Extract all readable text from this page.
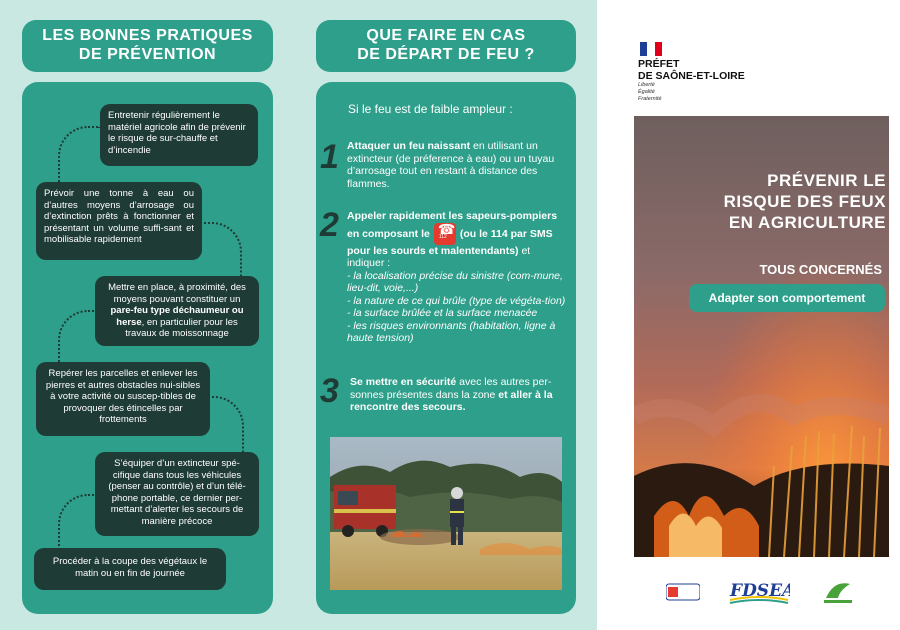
LES BONNES PRATIQUES
DE PRÉVENTION
QUE FAIRE EN CAS
DE DÉPART DE FEU ?
Entretenir régulièrement le matériel agricole afin de prévenir le risque de sur-chauffe et d’incendie
Prévoir une tonne à eau ou d’autres moyens d’arrosage ou d’extinction prêts à fonctionner et présentant un volume suffi-sant et mobilisable rapidement
Mettre en place, à proximité, des moyens pouvant constituer un pare-feu type déchaumeur ou herse, en particulier pour les travaux de moissonnage
Repérer les parcelles et enlever les pierres et autres obstacles nui-sibles à votre activité ou suscep-tibles de provoquer des étincelles par frottements
S’équiper d’un extincteur spé-cifique dans tous les véhicules (penser au contrôle) et d’un télé-phone portable, ce dernier per-mettant d’alerter les secours de manière précoce
Procéder à la coupe des végétaux le matin ou en fin de journée
Si le feu est de faible ampleur :
1 Attaquer un feu naissant en utilisant un extincteur (de préference à eau) ou un tuyau d’arrosage tout en restant à distance des flammes.
2 Appeler rapidement les sapeurs-pompiers en composant le
☎ 112 (ou le 114 par SMS pour les sourds et malentendants) et indiquer :
- la localisation précise du sinistre (com-mune, lieu-dit, voie,...)
- la nature de ce qui brûle (type de végéta-tion)
- la surface brûlée et la surface menacée
- les risques environnants (habitation, ligne à haute tension)
3 Se mettre en sécurité avec les autres per-sonnes présentes dans la zone et aller à la rencontre des secours.
PRÉFET
DE SAÔNE-ET-LOIRE
Liberté
Égalité
Fraternité
PRÉVENIR LE
RISQUE DES FEUX
EN AGRICULTURE
TOUS CONCERNÉS
Adapter son comportement
FDSEA
